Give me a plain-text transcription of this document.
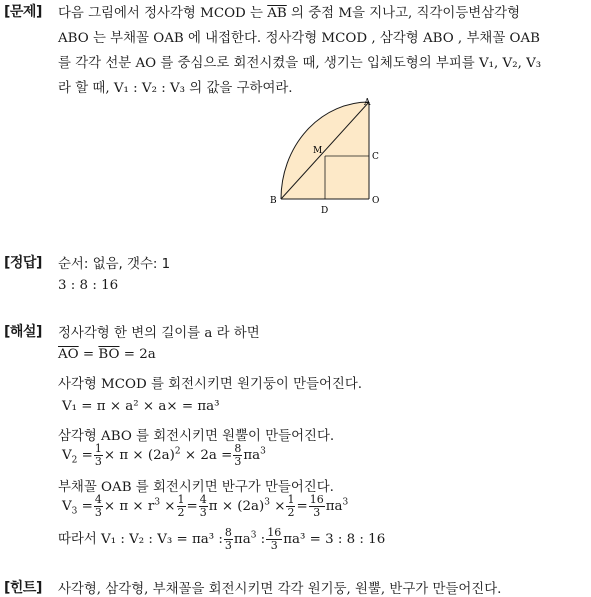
[문제] 다음 그림에서 정사각형 MCOD 는 $\overline{AB}$ 의 중점 M을 지나고, 직각이등변삼각형
ABO 는 부채꼴 OAB 에 내접한다. 정사각형 MCOD , 삼각형 ABO , 부채꼴 OAB
를 각각 선분 AO 를 중심으로 회전시켰을 때, 생기는 입체도형의 부피를 V₁, V₂, V₃
라 할 때, V₁ : V₂ : V₃ 의 값을 구하여라.
A
M
C
B
D
O
[정답] 순서: 없음, 갯수: 1
3 : 8 : 16
[해설] 정사각형 한 변의 길이를 a 라 하면
$\overline{AO} = \overline{BO} = 2a$
사각형 MCOD 를 회전시키면 원기둥이 만들어진다.
V₁ = π × a² × a× = πa³
삼각형 ABO 를 회전시키면 원뿔이 만들어진다.
$V_2 = \frac{1}{3} \times \pi \times (2a)^2 \times 2a = \frac{8}{3} \pi a^3$
부채꼴 OAB 를 회전시키면 반구가 만들어진다.
$V_3 = \frac{4}{3} \times \pi \times r^3 \times \frac{1}{2} = \frac{4}{3}$ $\pi \times (2a)^3 \times \frac{1}{2} = \frac{16}{3} \pi a^3$
따라서 V₁ : V₂ : V₃ = πa³ : $\frac{8}{3} \pi a^3$ : $\frac{16}{3} \pi a^3 = 3$ : 8 : 16
[힌트] 사각형, 삼각형, 부채꼴을 회전시키면 각각 원기둥, 원뿔, 반구가 만들어진다.
